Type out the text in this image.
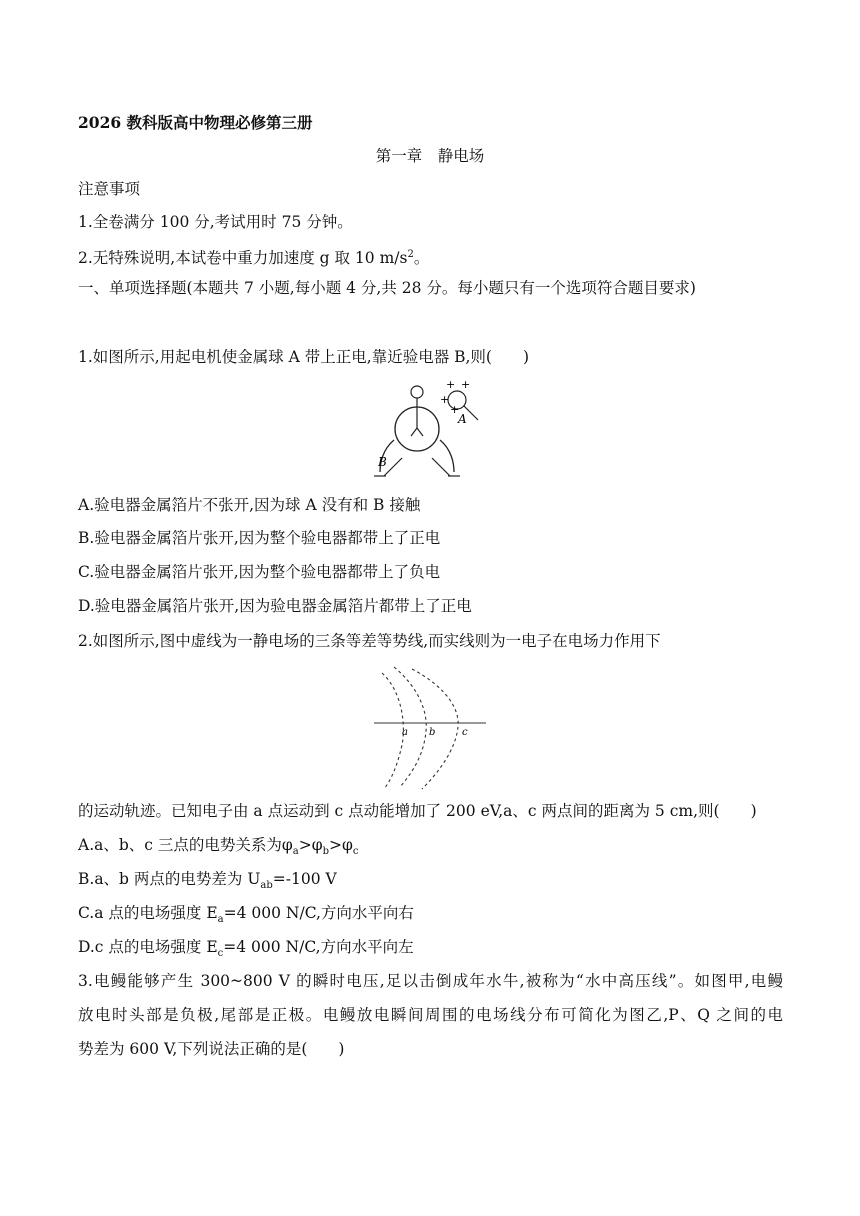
2026 教科版高中物理必修第三册
第一章　静电场
注意事项
1.全卷满分 100 分,考试用时 75 分钟。
2.无特殊说明,本试卷中重力加速度 g 取 10 $m/s^2$。
一、单项选择题(本题共 7 小题,每小题 4 分,共 28 分。每小题只有一个选项符合题目要求)
1.如图所示,用起电机使金属球 A 带上正电,靠近验电器 B,则(　　)
+ +
+
+
A
B
A.验电器金属箔片不张开,因为球 A 没有和 B 接触
B.验电器金属箔片张开,因为整个验电器都带上了正电
C.验电器金属箔片张开,因为整个验电器都带上了负电
D.验电器金属箔片张开,因为验电器金属箔片都带上了正电
2.如图所示,图中虚线为一静电场的三条等差等势线,而实线则为一电子在电场力作用下
a b	c
的运动轨迹。已知电子由 a 点运动到 c 点动能增加了 200 eV,a、c 两点间的距离为 5 cm,则(　　)
A.a、b、c 三点的电势关系为$\varphi_a>\varphi_b>\varphi_c$
B.a、b 两点的电势差为 $U_{ab}=-100$ V
C.a 点的电场强度 $E_a=4$ 000 N/C,方向水平向右
D.c 点的电场强度 $E_c=4$ 000 N/C,方向水平向左
3.电鳗能够产生 300~800 V 的瞬时电压,足以击倒成年水牛,被称为“水中高压线”。如图甲,电鳗
放电时头部是负极,尾部是正极。电鳗放电瞬间周围的电场线分布可简化为图乙,P、Q 之间的电
势差为 600 V,下列说法正确的是(　　)
